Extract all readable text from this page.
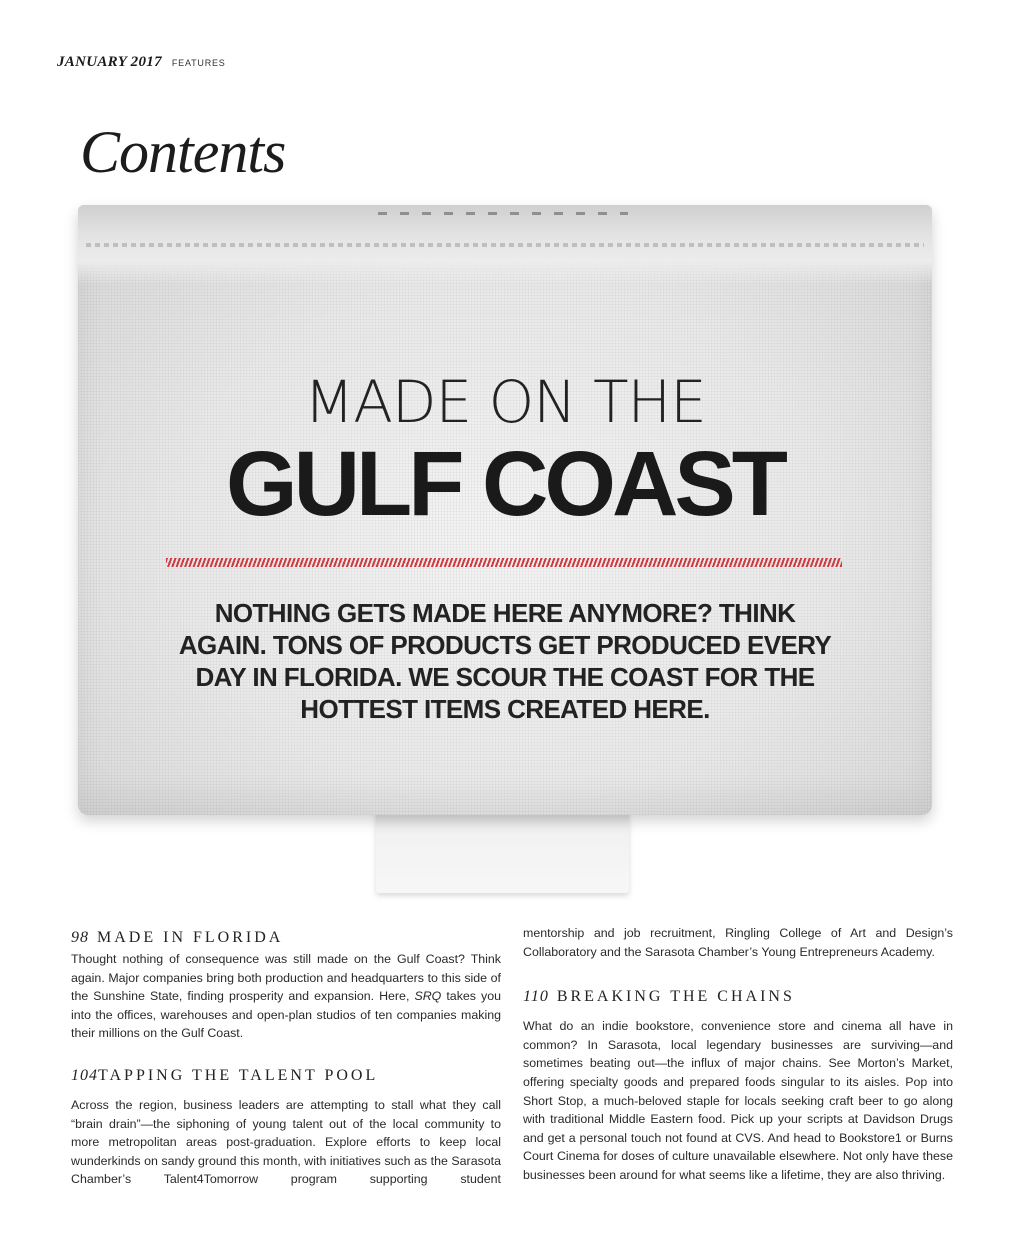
JANUARY 2017 FEATURES
Contents
MADE ON THE
GULF COAST
NOTHING GETS MADE HERE ANYMORE? THINK AGAIN. TONS OF PRODUCTS GET PRODUCED EVERY DAY IN FLORIDA. WE SCOUR THE COAST FOR THE HOTTEST ITEMS CREATED HERE.
98 MADE IN FLORIDA

Thought nothing of consequence was still made on the Gulf Coast? Think again. Major companies bring both production and headquarters to this side of the Sunshine State, finding prosperity and expansion. Here, SRQ takes you into the offices, warehouses and open-plan studios of ten companies making their millions on the Gulf Coast.

104TAPPING THE TALENT POOL

Across the region, business leaders are attempting to stall what they call “brain drain”—the siphoning of young talent out of the local community to more metropolitan areas post-graduation. Explore efforts to keep local wunderkinds on sandy ground this month, with initiatives such as the Sarasota Chamber’s Talent4Tomorrow program supporting student

mentorship and job recruitment, Ringling College of Art and Design’s Collaboratory and the Sarasota Chamber’s Young Entrepreneurs Academy.

110 BREAKING THE CHAINS

What do an indie bookstore, convenience store and cinema all have in common? In Sarasota, local legendary businesses are surviving—and sometimes beating out—the influx of major chains. See Morton’s Market, offering specialty goods and prepared foods singular to its aisles. Pop into Short Stop, a much-beloved staple for locals seeking craft beer to go along with traditional Middle Eastern food. Pick up your scripts at Davidson Drugs and get a personal touch not found at CVS. And head to Bookstore1 or Burns Court Cinema for doses of culture unavailable elsewhere. Not only have these businesses been around for what seems like a lifetime, they are also thriving.
